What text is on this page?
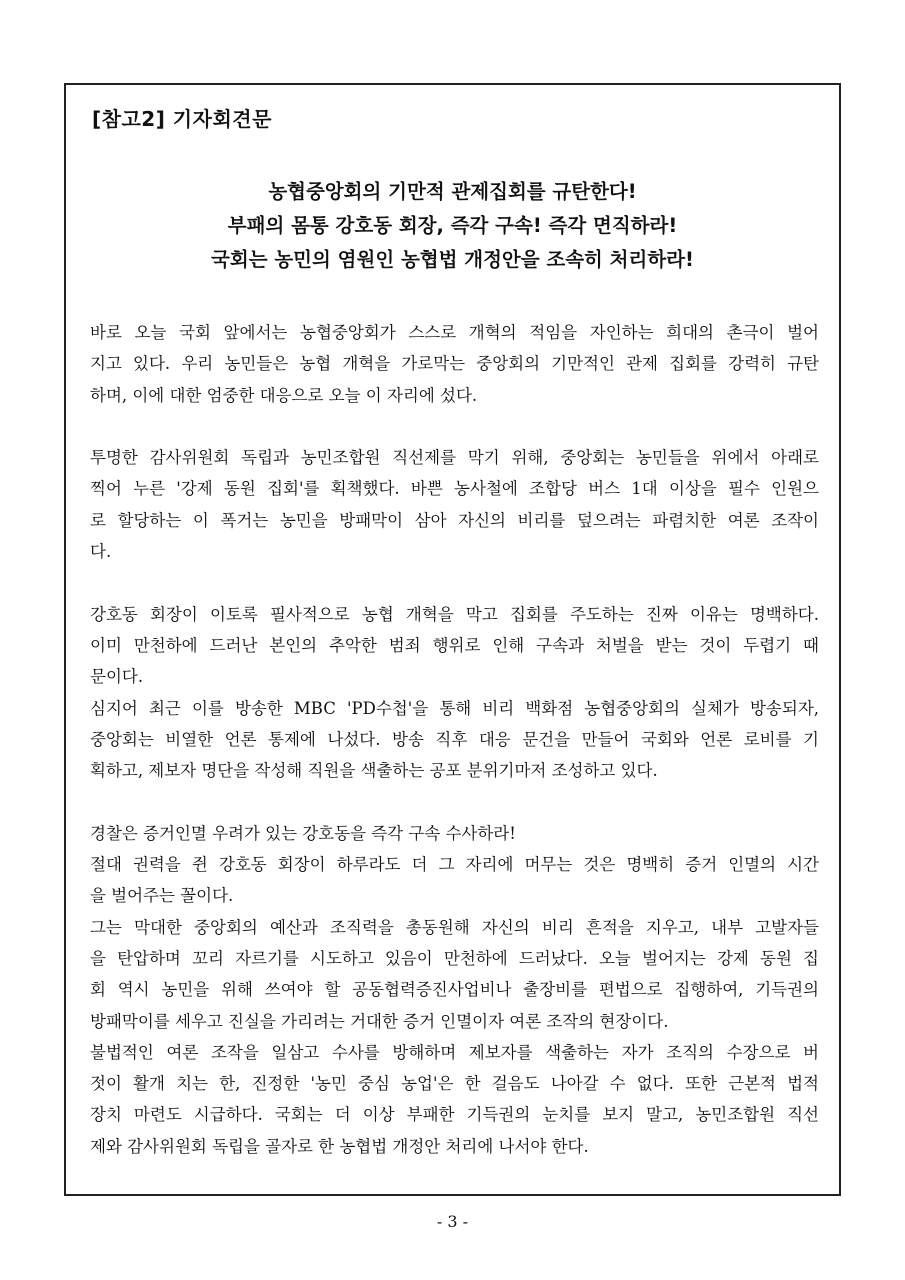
[참고2] 기자회견문
농협중앙회의 기만적 관제집회를 규탄한다!
부패의 몸통 강호동 회장, 즉각 구속! 즉각 면직하라!
국회는 농민의 염원인 농협법 개정안을 조속히 처리하라!
바로 오늘 국회 앞에서는 농협중앙회가 스스로 개혁의 적임을 자인하는 희대의 촌극이 벌어
지고 있다. 우리 농민들은 농협 개혁을 가로막는 중앙회의 기만적인 관제 집회를 강력히 규탄
하며, 이에 대한 엄중한 대응으로 오늘 이 자리에 섰다.
투명한 감사위원회 독립과 농민조합원 직선제를 막기 위해, 중앙회는 농민들을 위에서 아래로
찍어 누른 '강제 동원 집회'를 획책했다. 바쁜 농사철에 조합당 버스 1대 이상을 필수 인원으
로 할당하는 이 폭거는 농민을 방패막이 삼아 자신의 비리를 덮으려는 파렴치한 여론 조작이
다.
강호동 회장이 이토록 필사적으로 농협 개혁을 막고 집회를 주도하는 진짜 이유는 명백하다.
이미 만천하에 드러난 본인의 추악한 범죄 행위로 인해 구속과 처벌을 받는 것이 두렵기 때
문이다.
심지어 최근 이를 방송한 MBC 'PD수첩'을 통해 비리 백화점 농협중앙회의 실체가 방송되자,
중앙회는 비열한 언론 통제에 나섰다. 방송 직후 대응 문건을 만들어 국회와 언론 로비를 기
획하고, 제보자 명단을 작성해 직원을 색출하는 공포 분위기마저 조성하고 있다.
경찰은 증거인멸 우려가 있는 강호동을 즉각 구속 수사하라!
절대 권력을 쥔 강호동 회장이 하루라도 더 그 자리에 머무는 것은 명백히 증거 인멸의 시간
을 벌어주는 꼴이다.
그는 막대한 중앙회의 예산과 조직력을 총동원해 자신의 비리 흔적을 지우고, 내부 고발자들
을 탄압하며 꼬리 자르기를 시도하고 있음이 만천하에 드러났다. 오늘 벌어지는 강제 동원 집
회 역시 농민을 위해 쓰여야 할 공동협력증진사업비나 출장비를 편법으로 집행하여, 기득권의
방패막이를 세우고 진실을 가리려는 거대한 증거 인멸이자 여론 조작의 현장이다.
불법적인 여론 조작을 일삼고 수사를 방해하며 제보자를 색출하는 자가 조직의 수장으로 버
젓이 활개 치는 한, 진정한 '농민 중심 농업'은 한 걸음도 나아갈 수 없다. 또한 근본적 법적
장치 마련도 시급하다. 국회는 더 이상 부패한 기득권의 눈치를 보지 말고, 농민조합원 직선
제와 감사위원회 독립을 골자로 한 농협법 개정안 처리에 나서야 한다.
- 3 -
